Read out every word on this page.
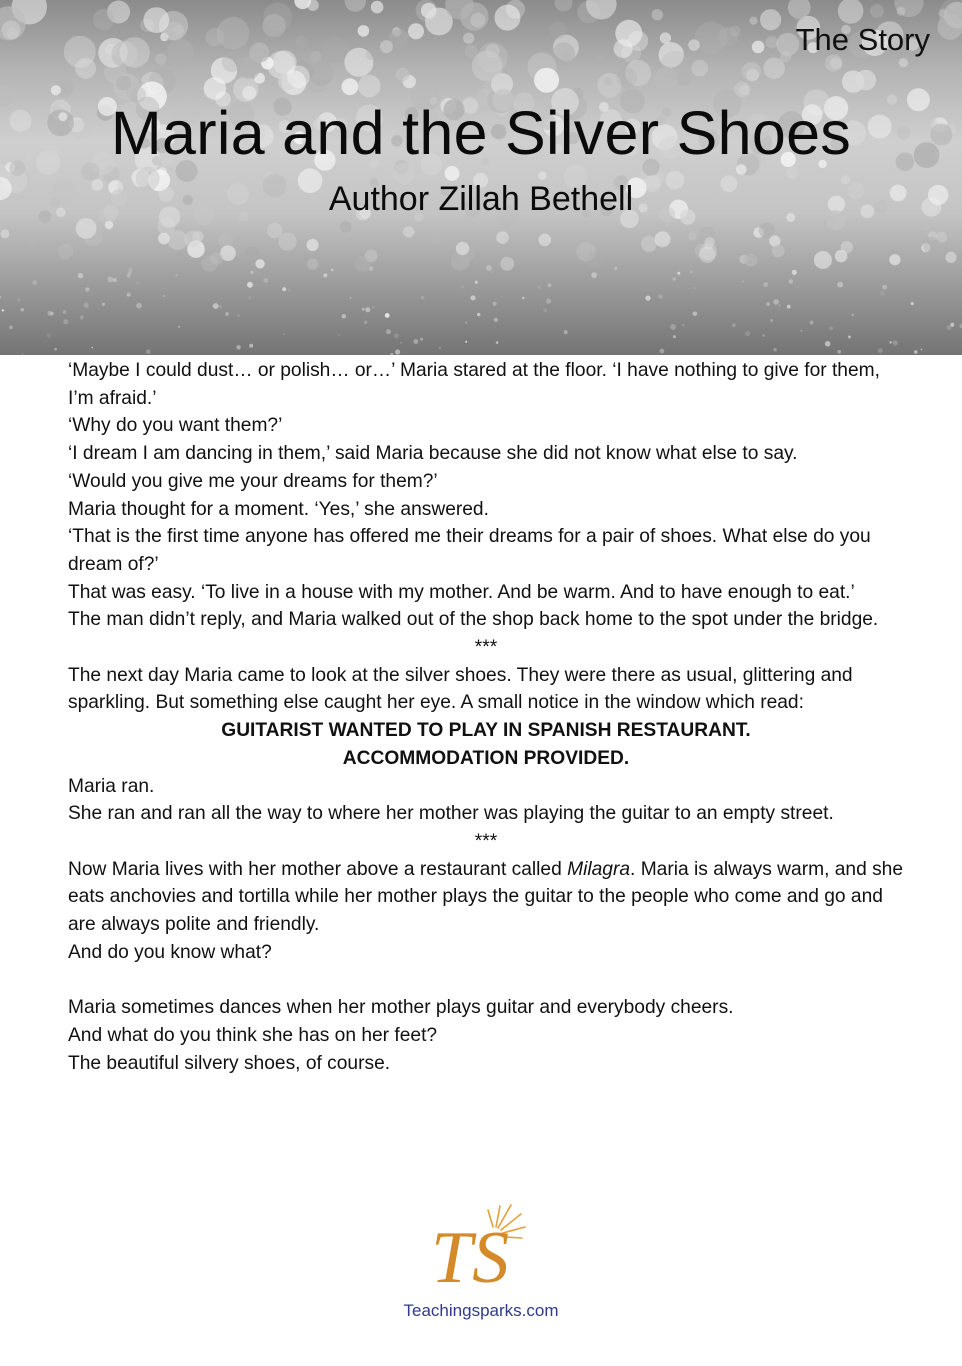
The Story
Maria and the Silver Shoes
Author Zillah Bethell

‘Maybe I could dust… or polish… or…’ Maria stared at the floor. ‘I have nothing to give for them, I’m afraid.’

‘Why do you want them?’

‘I dream I am dancing in them,’ said Maria because she did not know what else to say.

‘Would you give me your dreams for them?’

Maria thought for a moment. ‘Yes,’ she answered.

‘That is the first time anyone has offered me their dreams for a pair of shoes. What else do you dream of?’

That was easy. ‘To live in a house with my mother. And be warm. And to have enough to eat.’

The man didn’t reply, and Maria walked out of the shop back home to the spot under the bridge.

***

The next day Maria came to look at the silver shoes. They were there as usual, glittering and sparkling. But something else caught her eye. A small notice in the window which read:

GUITARIST WANTED TO PLAY IN SPANISH RESTAURANT.

ACCOMMODATION PROVIDED.

Maria ran.

She ran and ran all the way to where her mother was playing the guitar to an empty street.

***

Now Maria lives with her mother above a restaurant called Milagra. Maria is always warm, and she eats anchovies and tortilla while her mother plays the guitar to the people who come and go and are always polite and friendly.

And do you know what?

Maria sometimes dances when her mother plays guitar and everybody cheers.

And what do you think she has on her feet?

The beautiful silvery shoes, of course.

TS
Teachingsparks.com
